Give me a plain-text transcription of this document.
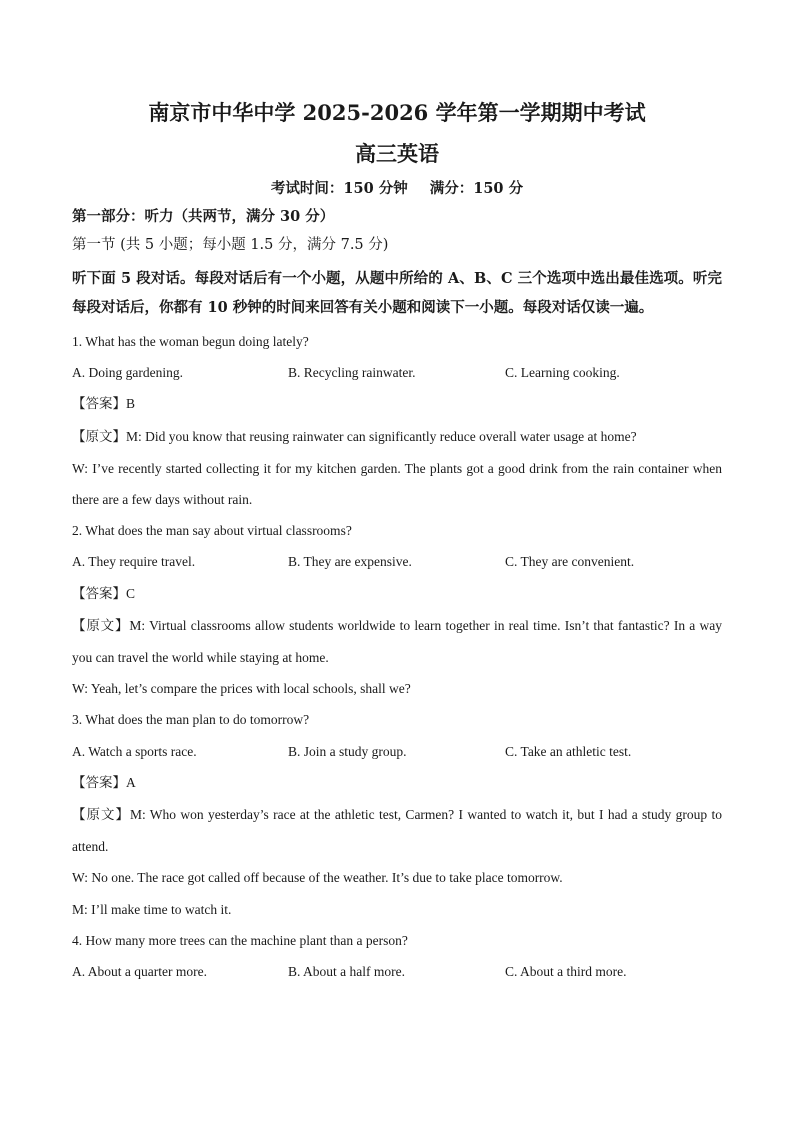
南京市中华中学 2025-2026 学年第一学期期中考试
高三英语
考试时间：150 分钟 满分：150 分
第一部分：听力（共两节，满分 30 分）
第一节 (共 5 小题；每小题 1.5 分，满分 7.5 分)
听下面 5 段对话。每段对话后有一个小题，从题中所给的 A、B、C 三个选项中选出最佳选项。听完每段对话后，你都有 10 秒钟的时间来回答有关小题和阅读下一小题。每段对话仅读一遍。

1. What has the woman begun doing lately?

A. Doing gardening.	B. Recycling rainwater.	C. Learning cooking.

【答案】B

【原文】M: Did you know that reusing rainwater can significantly reduce overall water usage at home?

W: I’ve recently started collecting it for my kitchen garden. The plants got a good drink from the rain container when there are a few days without rain.

2. What does the man say about virtual classrooms?

A. They require travel.	B. They are expensive.	C. They are convenient.

【答案】C

【原文】M: Virtual classrooms allow students worldwide to learn together in real time. Isn’t that fantastic? In a way you can travel the world while staying at home.

W: Yeah, let’s compare the prices with local schools, shall we?

3. What does the man plan to do tomorrow?

A. Watch a sports race.	B. Join a study group.	C. Take an athletic test.

【答案】A

【原文】M: Who won yesterday’s race at the athletic test, Carmen? I wanted to watch it, but I had a study group to attend.

W: No one. The race got called off because of the weather. It’s due to take place tomorrow.

M: I’ll make time to watch it.

4. How many more trees can the machine plant than a person?

A. About a quarter more.	B. About a half more.	C. About a third more.
